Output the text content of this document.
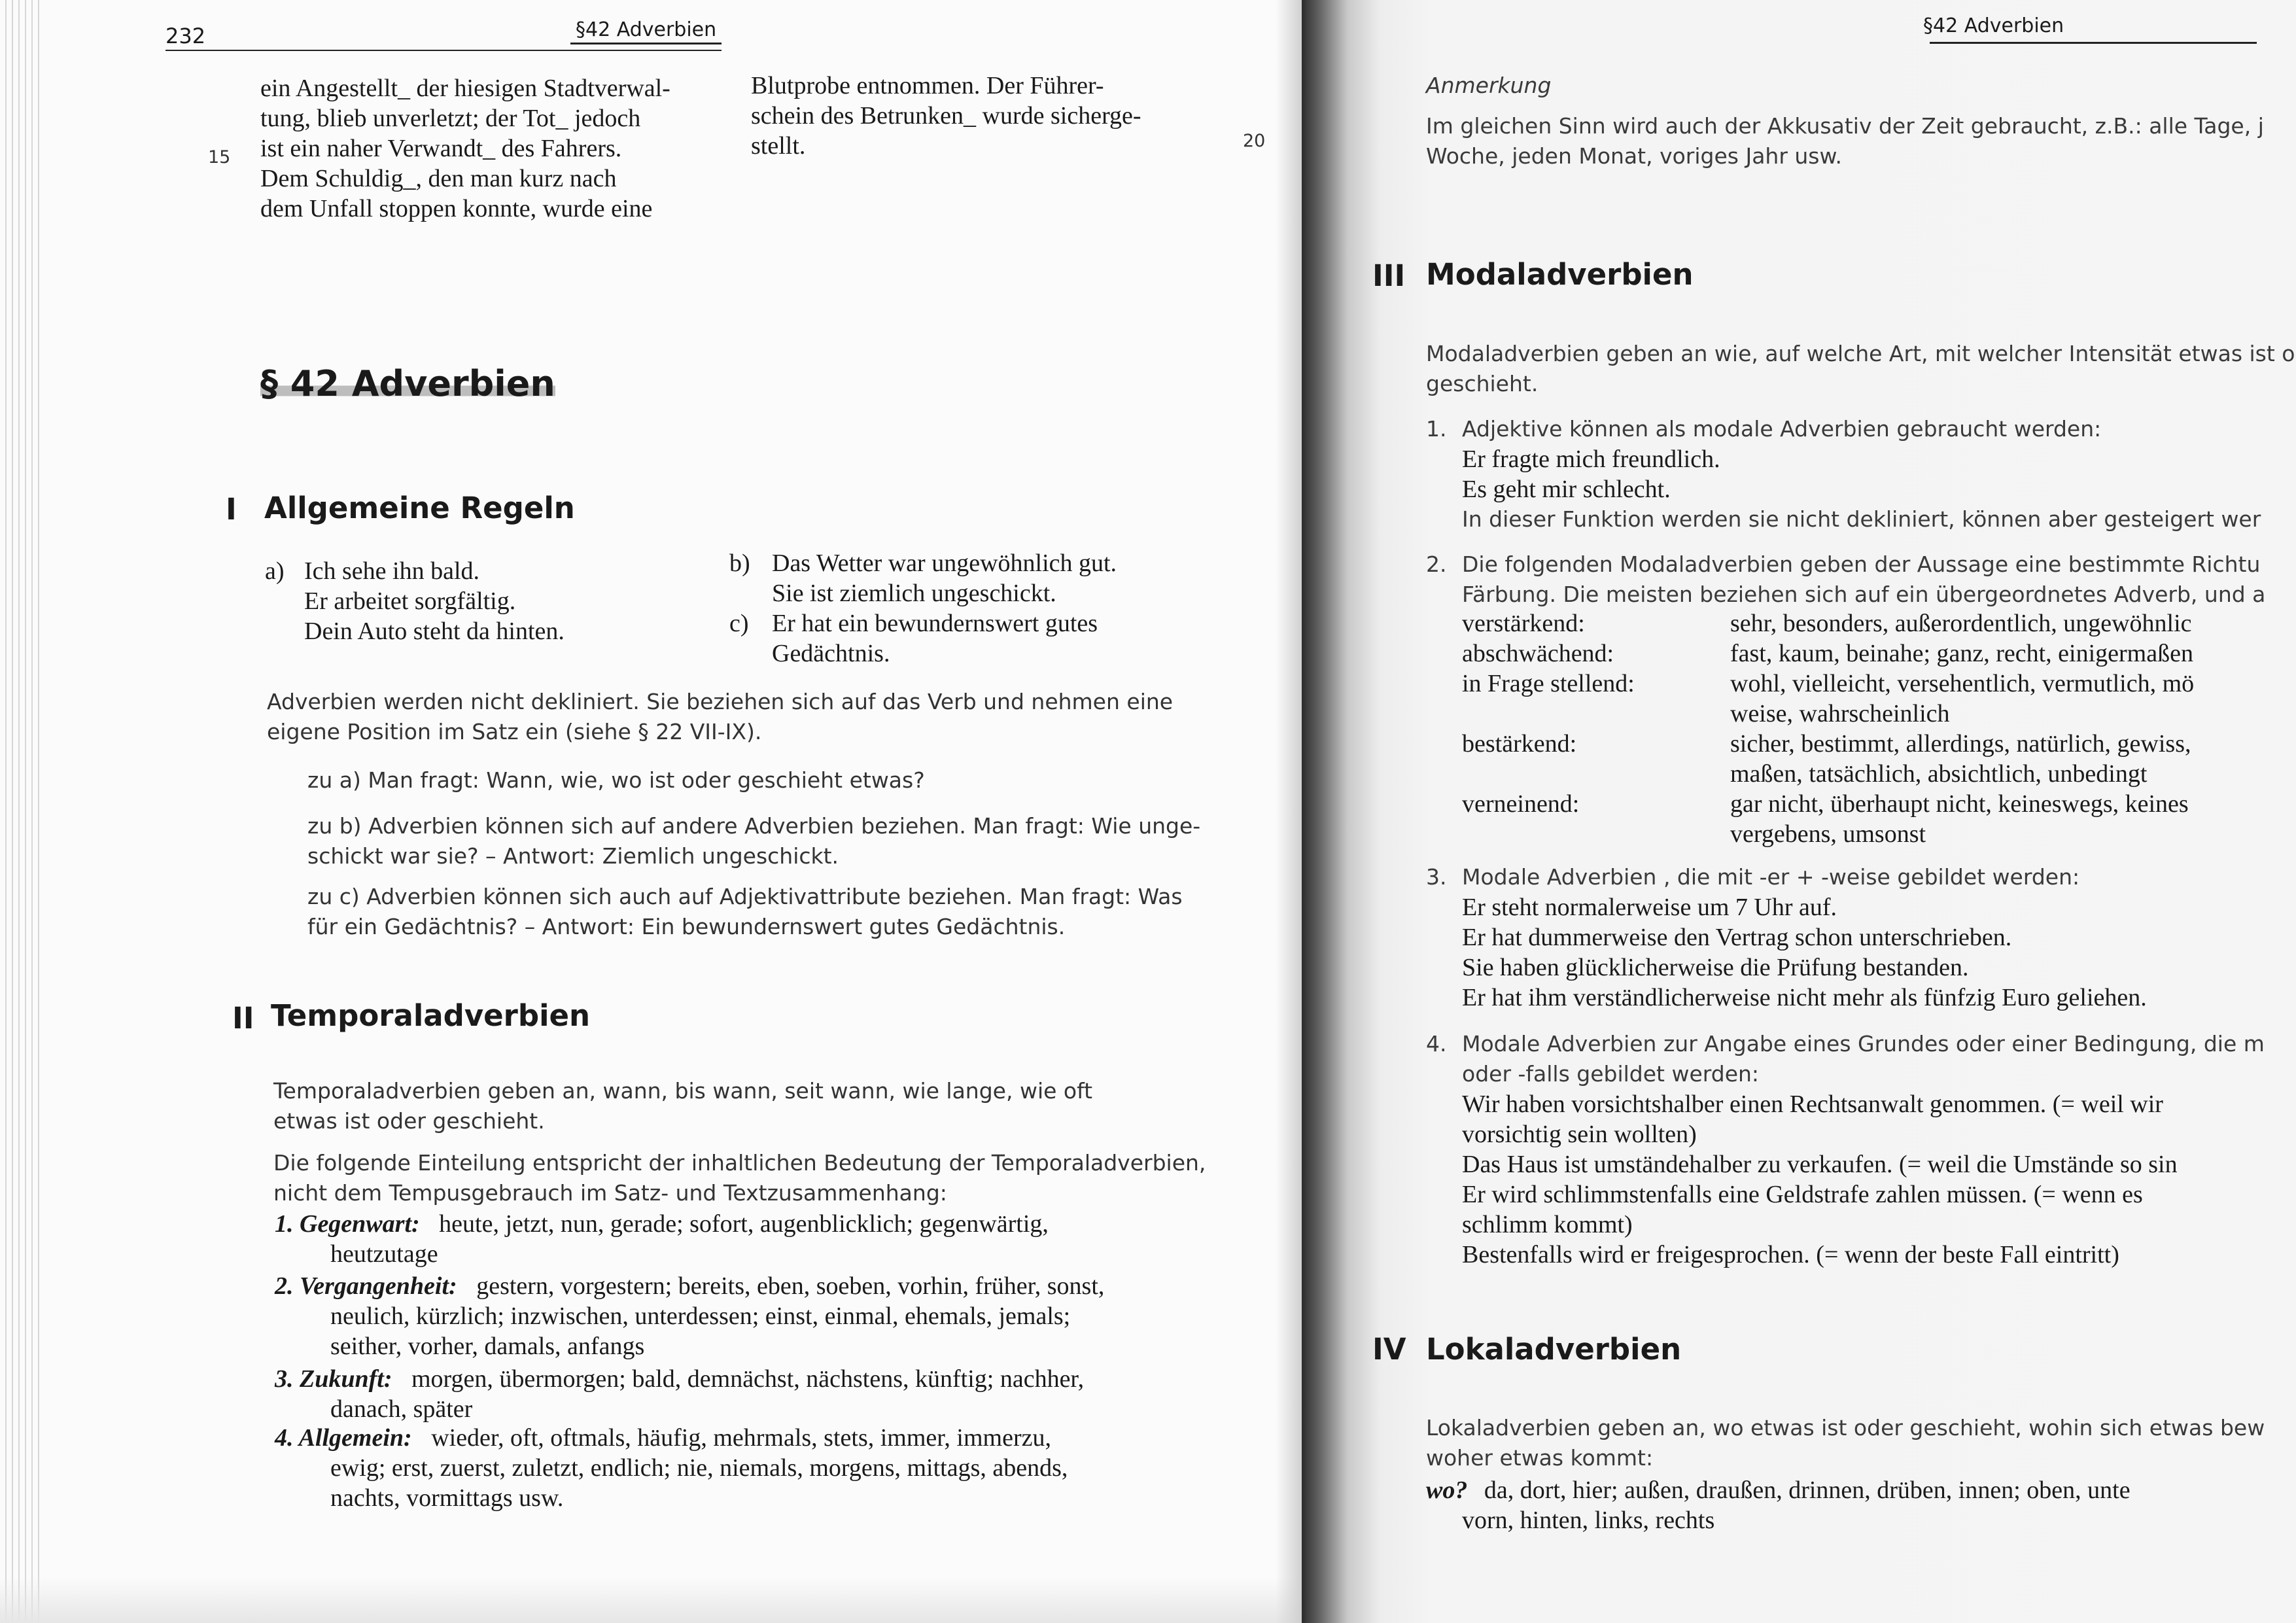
232	§42 Adverbien
15
20
ein Angestellt_ der hiesigen Stadtverwal-
tung, blieb unverletzt; der Tot_ jedoch
ist ein naher Verwandt_ des Fahrers.
Dem Schuldig_, den man kurz nach
dem Unfall stoppen konnte, wurde eine
Blutprobe entnommen. Der Führer-
schein des Betrunken_ wurde sicherge-
stellt.
§ 42 Adverbien
I Allgemeine Regeln
a) Ich sehe ihn bald.
Er arbeitet sorgfältig.
Dein Auto steht da hinten.
b) Das Wetter war ungewöhnlich gut.
Sie ist ziemlich ungeschickt.
c) Er hat ein bewundernswert gutes
Gedächtnis.
Adverbien werden nicht dekliniert. Sie beziehen sich auf das Verb und nehmen eine
eigene Position im Satz ein (siehe § 22 VII-IX).
zu a) Man fragt: Wann, wie, wo ist oder geschieht etwas?
zu b) Adverbien können sich auf andere Adverbien beziehen. Man fragt: Wie unge-
schickt war sie? – Antwort: Ziemlich ungeschickt.
zu c) Adverbien können sich auch auf Adjektivattribute beziehen. Man fragt: Was
für ein Gedächtnis? – Antwort: Ein bewundernswert gutes Gedächtnis.
II Temporaladverbien
Temporaladverbien geben an, wann, bis wann, seit wann, wie lange, wie oft
etwas ist oder geschieht.
Die folgende Einteilung entspricht der inhaltlichen Bedeutung der Temporaladverbien,
nicht dem Tempusgebrauch im Satz- und Textzusammenhang:
1. Gegenwart: heute, jetzt, nun, gerade; sofort, augenblicklich; gegenwärtig,
heutzutage
2. Vergangenheit: gestern, vorgestern; bereits, eben, soeben, vorhin, früher, sonst,
neulich, kürzlich; inzwischen, unterdessen; einst, einmal, ehemals, jemals;
seither, vorher, damals, anfangs
3. Zukunft: morgen, übermorgen; bald, demnächst, nächstens, künftig; nachher,
danach, später
4. Allgemein: wieder, oft, oftmals, häufig, mehrmals, stets, immer, immerzu,
ewig; erst, zuerst, zuletzt, endlich; nie, niemals, morgens, mittags, abends,
nachts, vormittags usw.
§42 Adverbien
Anmerkung
Im gleichen Sinn wird auch der Akkusativ der Zeit gebraucht, z.B.: alle Tage, j
Woche, jeden Monat, voriges Jahr usw.
III Modaladverbien
Modaladverbien geben an wie, auf welche Art, mit welcher Intensität etwas ist o
geschieht.
1. Adjektive können als modale Adverbien gebraucht werden:
Er fragte mich freundlich.
Es geht mir schlecht.
In dieser Funktion werden sie nicht dekliniert, können aber gesteigert wer
2. Die folgenden Modaladverbien geben der Aussage eine bestimmte Richtu
Färbung. Die meisten beziehen sich auf ein übergeordnetes Adverb, und a
verstärkend:	sehr, besonders, außerordentlich, ungewöhnlic
abschwächend:	fast, kaum, beinahe; ganz, recht, einigermaßen
in Frage stellend:	wohl, vielleicht, versehentlich, vermutlich, mö
weise, wahrscheinlich
bestärkend:	sicher, bestimmt, allerdings, natürlich, gewiss,
maßen, tatsächlich, absichtlich, unbedingt
verneinend:	gar nicht, überhaupt nicht, keineswegs, keines
vergebens, umsonst
3. Modale Adverbien , die mit -er + -weise gebildet werden:
Er steht normalerweise um 7 Uhr auf.
Er hat dummerweise den Vertrag schon unterschrieben.
Sie haben glücklicherweise die Prüfung bestanden.
Er hat ihm verständlicherweise nicht mehr als fünfzig Euro geliehen.
4. Modale Adverbien zur Angabe eines Grundes oder einer Bedingung, die m
oder -falls gebildet werden:
Wir haben vorsichtshalber einen Rechtsanwalt genommen. (= weil wir
vorsichtig sein wollten)
Das Haus ist umständehalber zu verkaufen. (= weil die Umstände so sin
Er wird schlimmstenfalls eine Geldstrafe zahlen müssen. (= wenn es
schlimm kommt)
Bestenfalls wird er freigesprochen. (= wenn der beste Fall eintritt)
IV Lokaladverbien
Lokaladverbien geben an, wo etwas ist oder geschieht, wohin sich etwas bew
woher etwas kommt:
wo? da, dort, hier; außen, draußen, drinnen, drüben, innen; oben, unte
vorn, hinten, links, rechts
